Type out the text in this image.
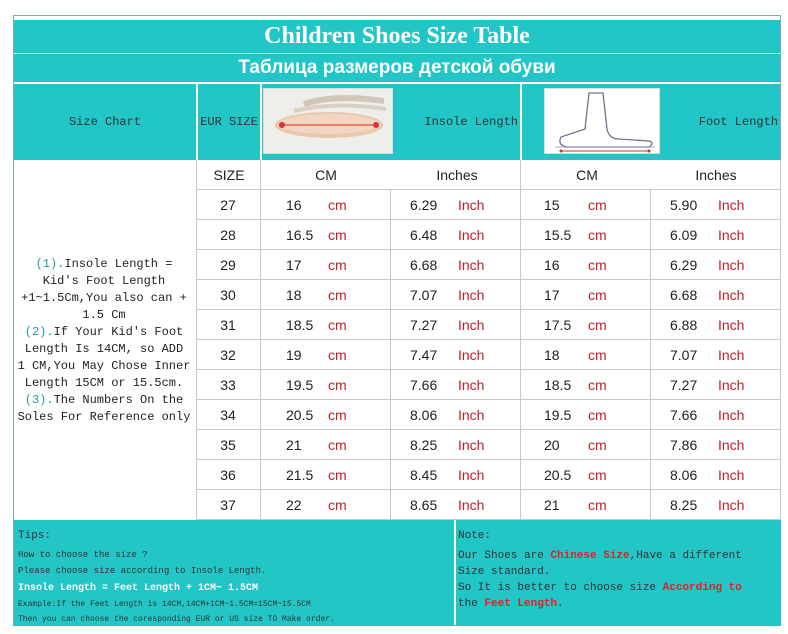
Children Shoes Size Table
Таблица размеров детской обуви
Size Chart	EUR SIZE	Insole Length	Foot Length
SIZE	CM	Inches	CM	Inches
27	16	cm	6.29	Inch	15	cm	5.90	Inch
28	16.5	cm	6.48	Inch	15.5	cm	6.09	Inch
29	17	cm	6.68	Inch	16	cm	6.29	Inch
30	18	cm	7.07	Inch	17	cm	6.68	Inch
31	18.5	cm	7.27	Inch	17.5	cm	6.88	Inch
32	19	cm	7.47	Inch	18	cm	7.07	Inch
33	19.5	cm	7.66	Inch	18.5	cm	7.27	Inch
34	20.5	cm	8.06	Inch	19.5	cm	7.66	Inch
35	21	cm	8.25	Inch	20	cm	7.86	Inch
36	21.5	cm	8.45	Inch	20.5	cm	8.06	Inch
37	22	cm	8.65	Inch	21	cm	8.25	Inch
(1).Insole Length =
Kid's Foot Length
+1~1.5Cm,You also can +
1.5 Cm
(2).If Your Kid's Foot
Length Is 14CM, so ADD
1 CM,You May Chose Inner
Length 15CM or 15.5cm.
(3).The Numbers On the
Soles For Reference only
Tips:
How to choose the size ?
Please choose size according to Insole Length.
Insole Length = Feet Length + 1CM~ 1.5CM
Example:If the Feet Length is 14CM,14CM+1CM~1.5CM=15CM~15.5CM
Then you can choose the coresponding EUR or US size TO Make order.
Note:
Our Shoes are Chinese Size,Have a different
Size standard.
So It is better to choose size According to
the Feet Length.
